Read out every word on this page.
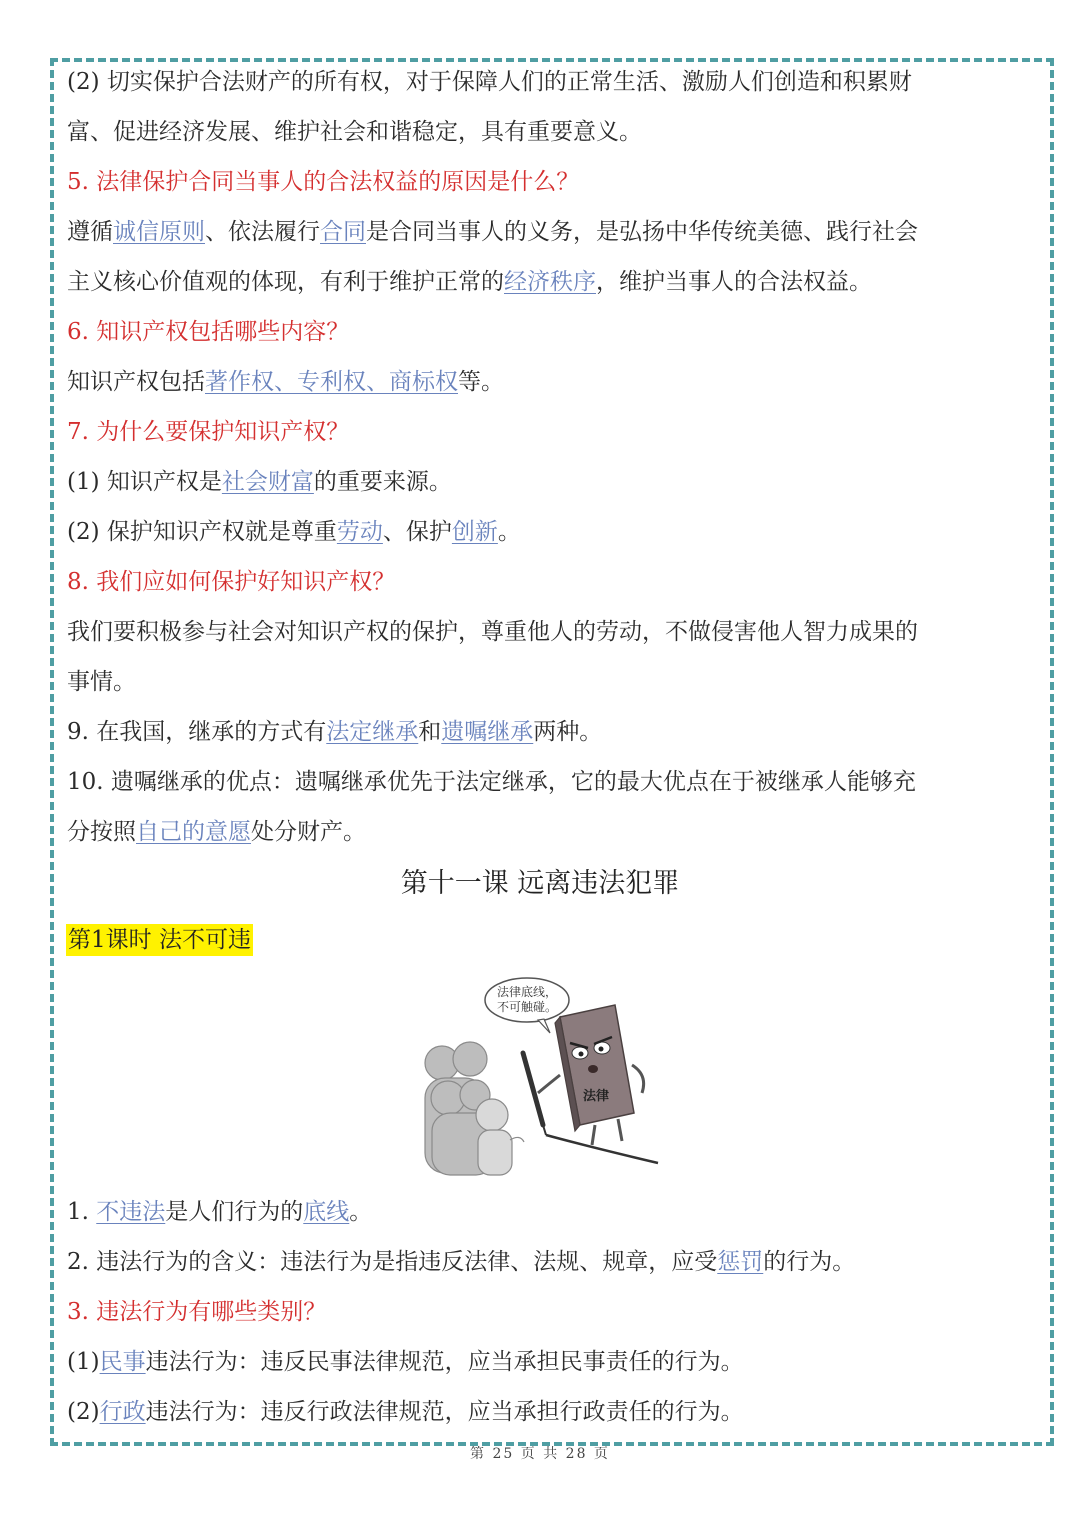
(2) 切实保护合法财产的所有权，对于保障人们的正常生活、激励人们创造和积累财
富、促进经济发展、维护社会和谐稳定，具有重要意义。
5. 法律保护合同当事人的合法权益的原因是什么？
遵循诚信原则、依法履行合同是合同当事人的义务，是弘扬中华传统美德、践行社会
主义核心价值观的体现，有利于维护正常的经济秩序，维护当事人的合法权益。
6. 知识产权包括哪些内容？
知识产权包括著作权、专利权、商标权等。
7. 为什么要保护知识产权？
(1) 知识产权是社会财富的重要来源。
(2) 保护知识产权就是尊重劳动、保护创新。
8. 我们应如何保护好知识产权？
我们要积极参与社会对知识产权的保护，尊重他人的劳动，不做侵害他人智力成果的
事情。
9. 在我国，继承的方式有法定继承和遗嘱继承两种。
10. 遗嘱继承的优点：遗嘱继承优先于法定继承，它的最大优点在于被继承人能够充
分按照自己的意愿处分财产。
第十一课 远离违法犯罪
第1课时 法不可违
法律底线，
不可触碰。
法律
1. 不违法是人们行为的底线。
2. 违法行为的含义：违法行为是指违反法律、法规、规章，应受惩罚的行为。
3. 违法行为有哪些类别？
(1)民事违法行为：违反民事法律规范，应当承担民事责任的行为。
(2)行政违法行为：违反行政法律规范，应当承担行政责任的行为。
第 25 页 共 28 页
